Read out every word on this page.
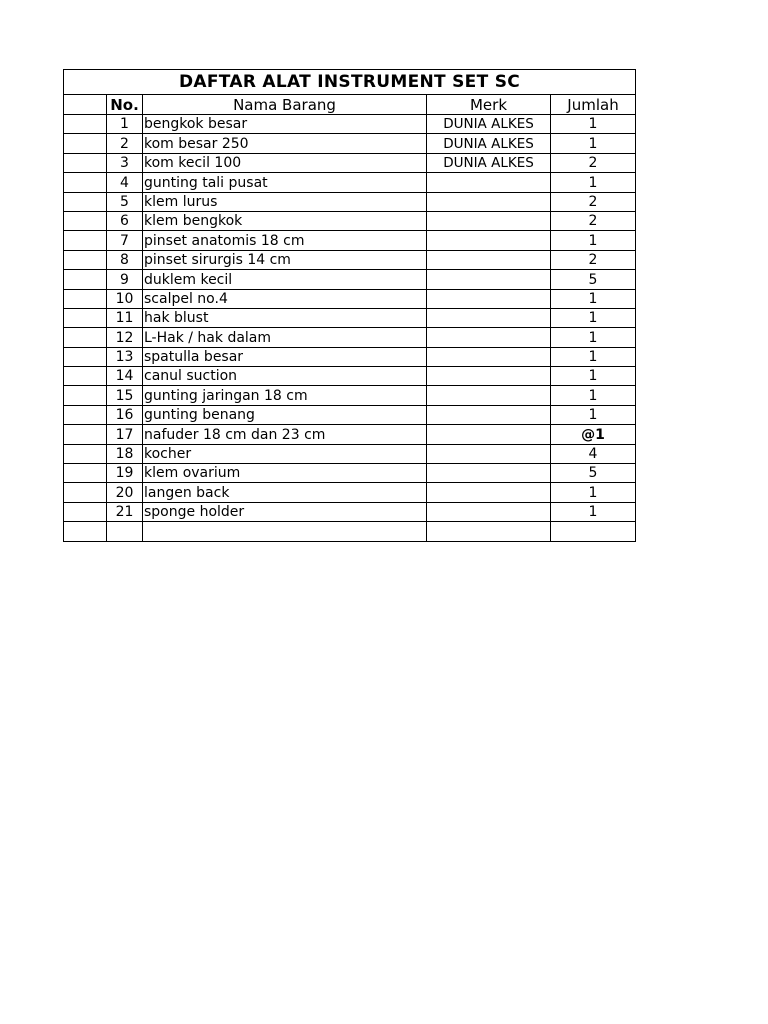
DAFTAR ALAT INSTRUMENT SET SC				
	No.	Nama Barang	Merk	Jumlah
	1	bengkok besar	DUNIA ALKES	1
	2	kom besar 250	DUNIA ALKES	1
	3	kom kecil 100	DUNIA ALKES	2
	4	gunting tali pusat		1
	5	klem lurus		2
	6	klem bengkok		2
	7	pinset anatomis 18 cm		1
	8	pinset sirurgis 14 cm		2
	9	duklem kecil		5
	10	scalpel no.4		1
	11	hak blust		1
	12	L-Hak / hak dalam		1
	13	spatulla besar		1
	14	canul suction		1
	15	gunting jaringan 18 cm		1
	16	gunting benang		1
	17	nafuder 18 cm dan 23 cm		@1
	18	kocher		4
	19	klem ovarium		5
	20	langen back		1
	21	sponge holder		1
